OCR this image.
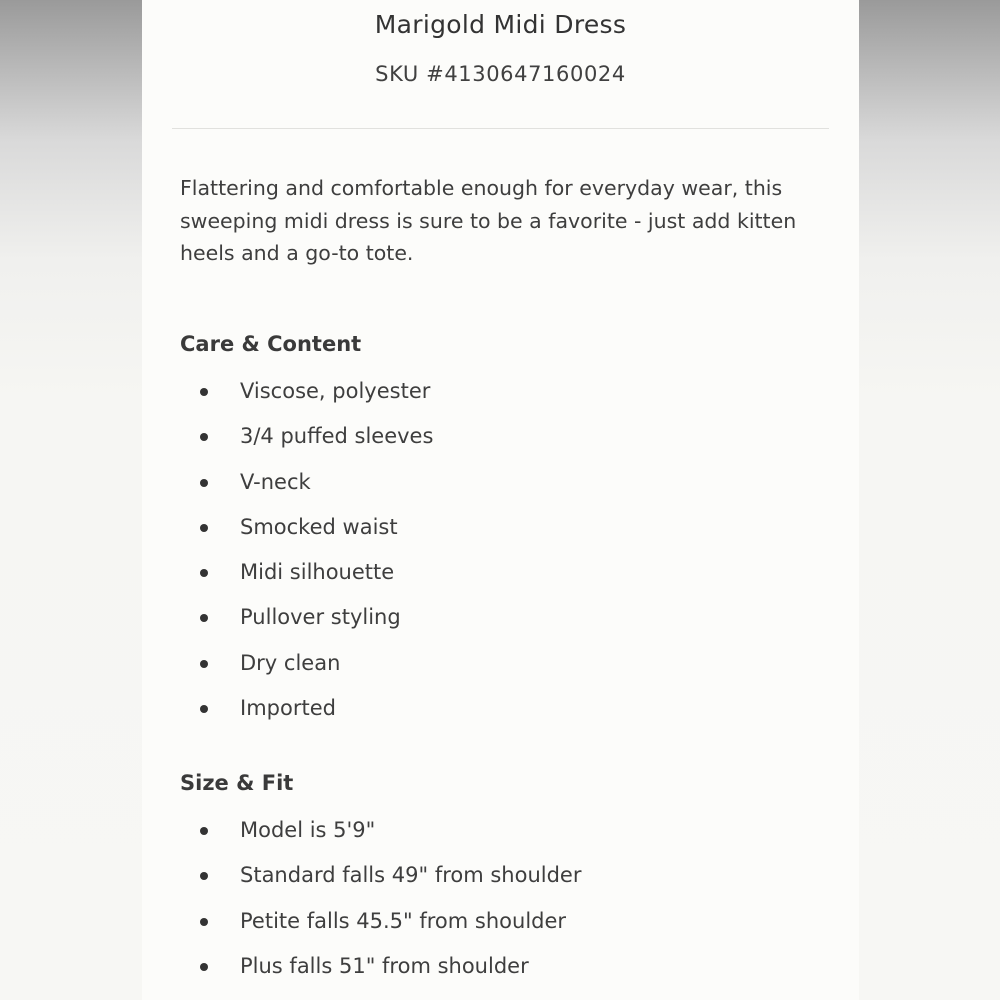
Marigold Midi Dress
SKU #4130647160024

Flattering and comfortable enough for everyday wear, this sweeping midi dress is sure to be a favorite - just add kitten heels and a go-to tote.

Care & Content
Viscose, polyester
3/4 puffed sleeves
V-neck
Smocked waist
Midi silhouette
Pullover styling
Dry clean
Imported
Size & Fit
Model is 5'9"
Standard falls 49" from shoulder
Petite falls 45.5" from shoulder
Plus falls 51" from shoulder
